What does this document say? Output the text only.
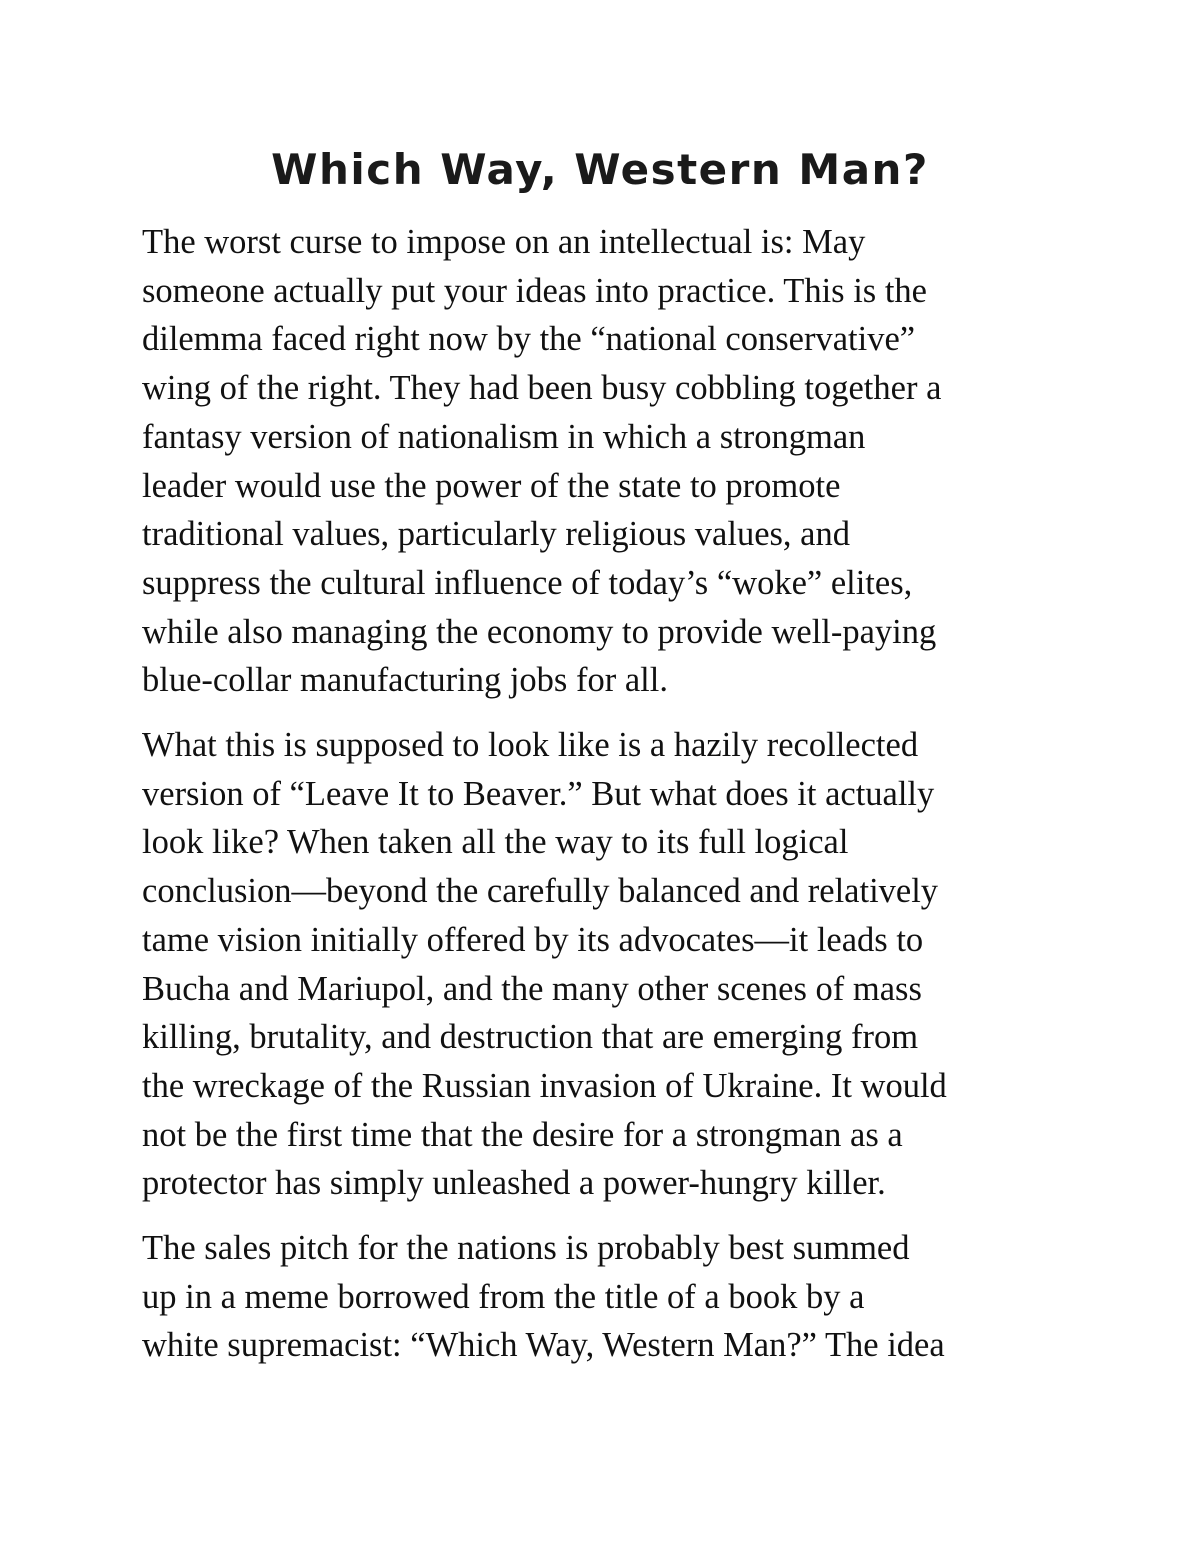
Which Way, Western Man?

The worst curse to impose on an intellectual is: May
someone actually put your ideas into practice. This is the
dilemma faced right now by the “national conservative”
wing of the right. They had been busy cobbling together a
fantasy version of nationalism in which a strongman
leader would use the power of the state to promote
traditional values, particularly religious values, and
suppress the cultural influence of today’s “woke” elites,
while also managing the economy to provide well-paying
blue-collar manufacturing jobs for all.

What this is supposed to look like is a hazily recollected
version of “Leave It to Beaver.” But what does it actually
look like? When taken all the way to its full logical
conclusion—beyond the carefully balanced and relatively
tame vision initially offered by its advocates—it leads to
Bucha and Mariupol, and the many other scenes of mass
killing, brutality, and destruction that are emerging from
the wreckage of the Russian invasion of Ukraine. It would
not be the first time that the desire for a strongman as a
protector has simply unleashed a power-hungry killer.

The sales pitch for the nations is probably best summed
up in a meme borrowed from the title of a book by a
white supremacist: “Which Way, Western Man?” The idea
